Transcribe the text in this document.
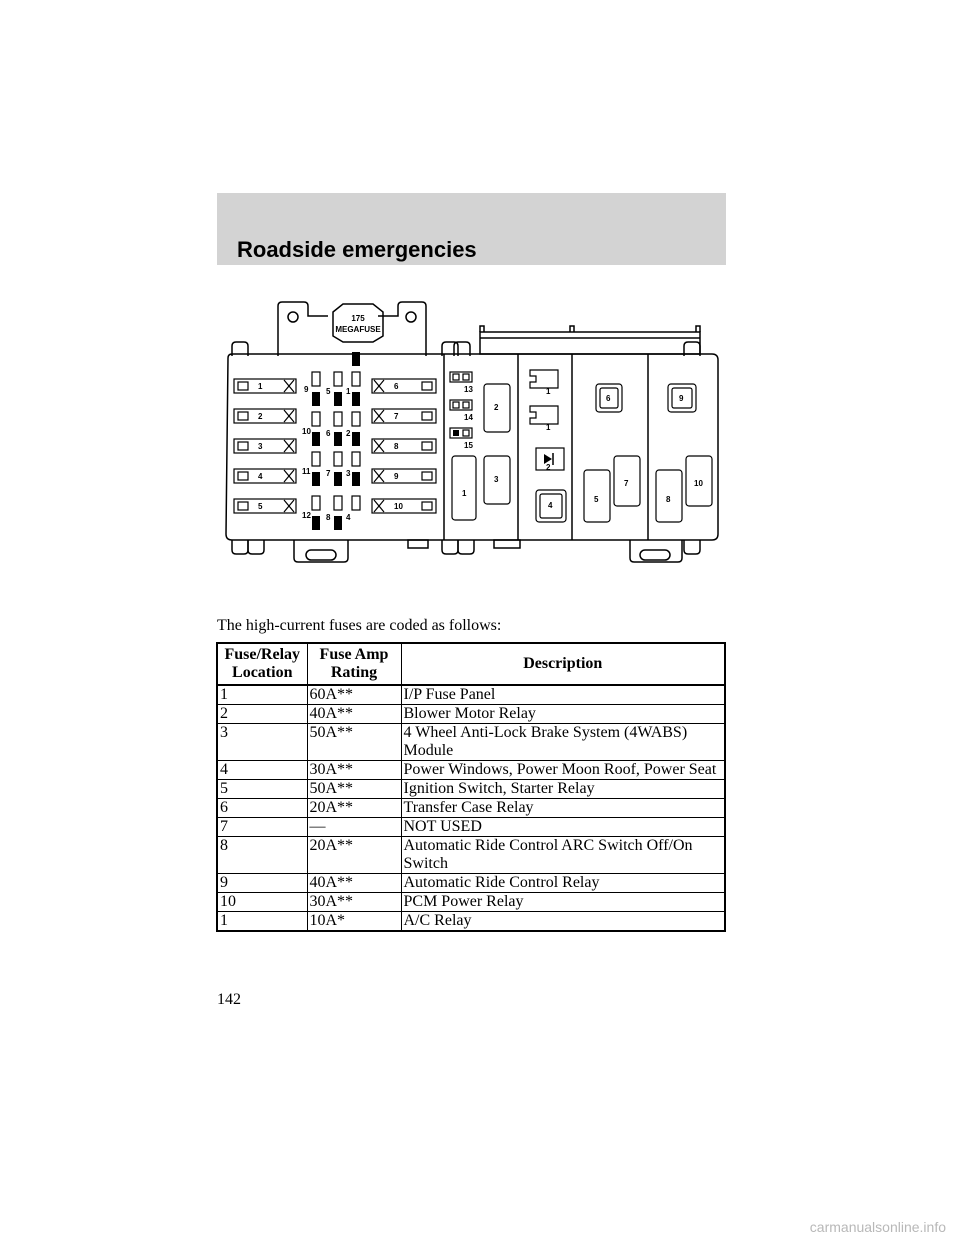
Roadside emergencies
1
2
3
4
5
6
7
8
9
10
9
10
11
12
5
6
7
8
1
2
3
4
175
MEGAFUSE
13
14
15
1
2
3
1
1
2
4
6
5
7
9
8
10
The high-current fuses are coded as follows:
Fuse/Relay Location	Fuse Amp Rating	Description
1	60A**	I/P Fuse Panel
2	40A**	Blower Motor Relay
3	50A**	4 Wheel Anti-Lock Brake System (4WABS) Module
4	30A**	Power Windows, Power Moon Roof, Power Seat
5	50A**	Ignition Switch, Starter Relay
6	20A**	Transfer Case Relay
7	—	NOT USED
8	20A**	Automatic Ride Control ARC Switch Off/On Switch
9	40A**	Automatic Ride Control Relay
10	30A**	PCM Power Relay
1	10A*	A/C Relay
142
carmanualsonline.info
